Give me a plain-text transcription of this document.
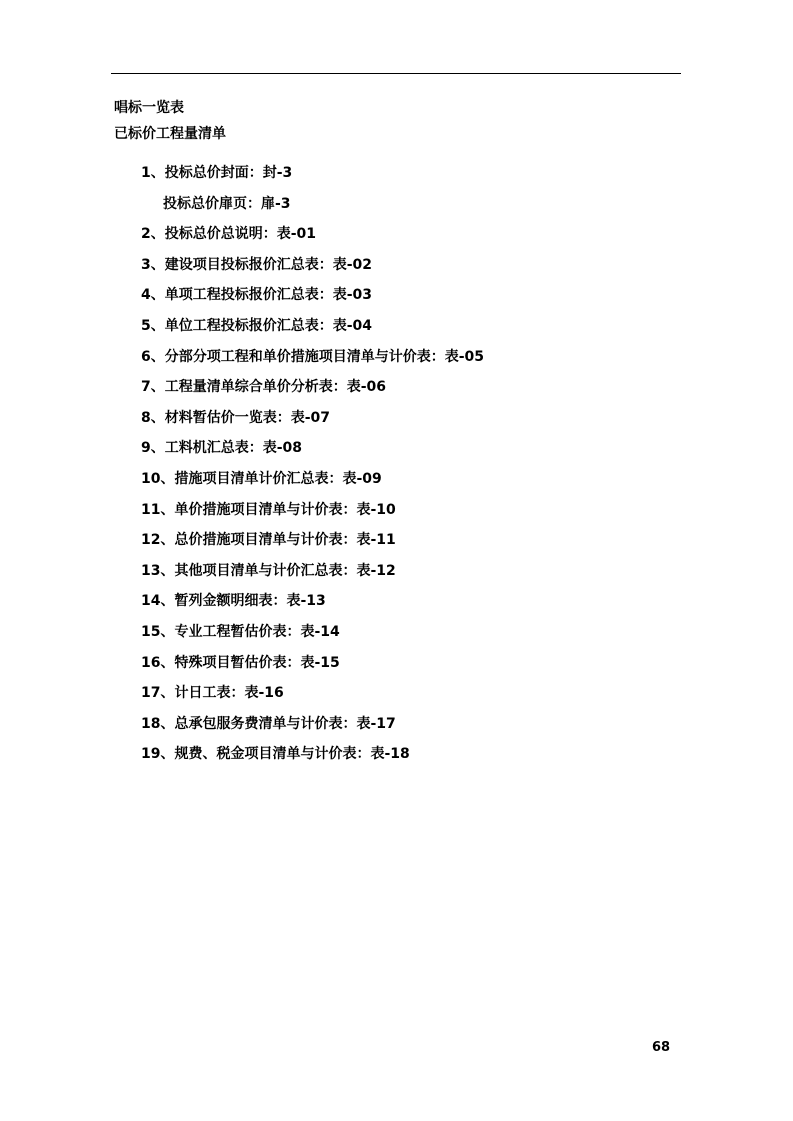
唱标一览表
已标价工程量清单
1、投标总价封面：封-3
投标总价扉页：扉-3
2、投标总价总说明：表-01
3、建设项目投标报价汇总表：表-02
4、单项工程投标报价汇总表：表-03
5、单位工程投标报价汇总表：表-04
6、分部分项工程和单价措施项目清单与计价表：表-05
7、工程量清单综合单价分析表：表-06
8、材料暂估价一览表：表-07
9、工料机汇总表：表-08
10、措施项目清单计价汇总表：表-09
11、单价措施项目清单与计价表：表-10
12、总价措施项目清单与计价表：表-11
13、其他项目清单与计价汇总表：表-12
14、暂列金额明细表：表-13
15、专业工程暂估价表：表-14
16、特殊项目暂估价表：表-15
17、计日工表：表-16
18、总承包服务费清单与计价表：表-17
19、规费、税金项目清单与计价表：表-18
68
